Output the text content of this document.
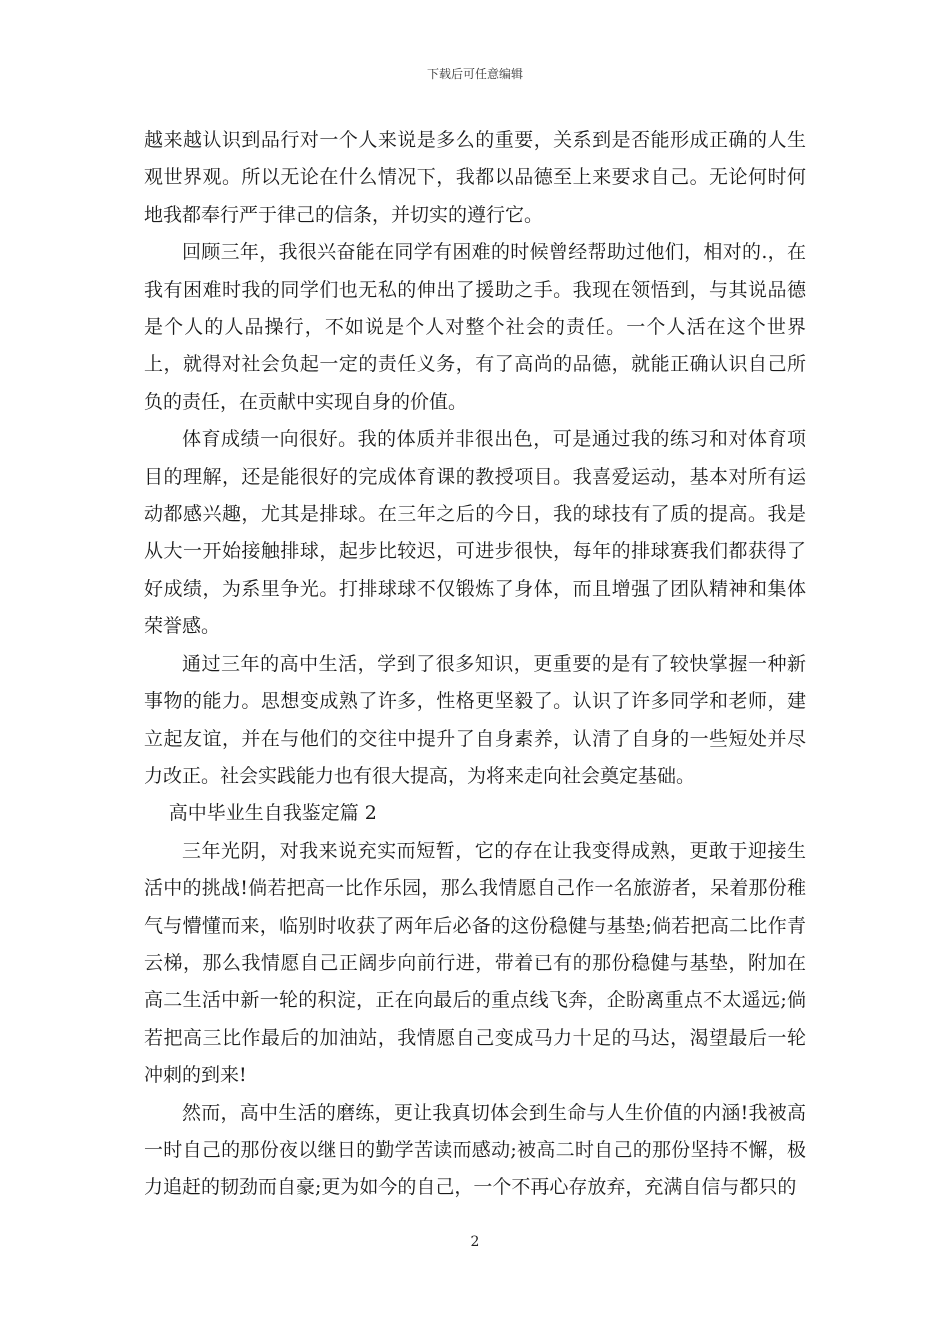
下载后可任意编辑

越来越认识到品行对一个人来说是多么的重要，关系到是否能形成正确的人生观世界观。所以无论在什么情况下，我都以品德至上来要求自己。无论何时何地我都奉行严于律己的信条，并切实的遵行它。

回顾三年，我很兴奋能在同学有困难的时候曾经帮助过他们，相对的.，在我有困难时我的同学们也无私的伸出了援助之手。我现在领悟到，与其说品德是个人的人品操行，不如说是个人对整个社会的责任。一个人活在这个世界上，就得对社会负起一定的责任义务，有了高尚的品德，就能正确认识自己所负的责任，在贡献中实现自身的价值。

体育成绩一向很好。我的体质并非很出色，可是通过我的练习和对体育项目的理解，还是能很好的完成体育课的教授项目。我喜爱运动，基本对所有运动都感兴趣，尤其是排球。在三年之后的今日，我的球技有了质的提高。我是从大一开始接触排球，起步比较迟，可进步很快，每年的排球赛我们都获得了好成绩，为系里争光。打排球球不仅锻炼了身体，而且增强了团队精神和集体荣誉感。

通过三年的高中生活，学到了很多知识，更重要的是有了较快掌握一种新事物的能力。思想变成熟了许多，性格更坚毅了。认识了许多同学和老师，建立起友谊，并在与他们的交往中提升了自身素养，认清了自身的一些短处并尽力改正。社会实践能力也有很大提高，为将来走向社会奠定基础。

高中毕业生自我鉴定篇 2

三年光阴，对我来说充实而短暂，它的存在让我变得成熟，更敢于迎接生活中的挑战!倘若把高一比作乐园，那么我情愿自己作一名旅游者，呆着那份稚气与懵懂而来，临别时收获了两年后必备的这份稳健与基垫;倘若把高二比作青云梯，那么我情愿自己正阔步向前行进，带着已有的那份稳健与基垫，附加在高二生活中新一轮的积淀，正在向最后的重点线飞奔，企盼离重点不太遥远;倘若把高三比作最后的加油站，我情愿自己变成马力十足的马达，渴望最后一轮冲刺的到来!

然而，高中生活的磨练，更让我真切体会到生命与人生价值的内涵!我被高一时自己的那份夜以继日的勤学苦读而感动;被高二时自己的那份坚持不懈，极力追赶的韧劲而自豪;更为如今的自己，一个不再心存放弃，充满自信与都只的

2
